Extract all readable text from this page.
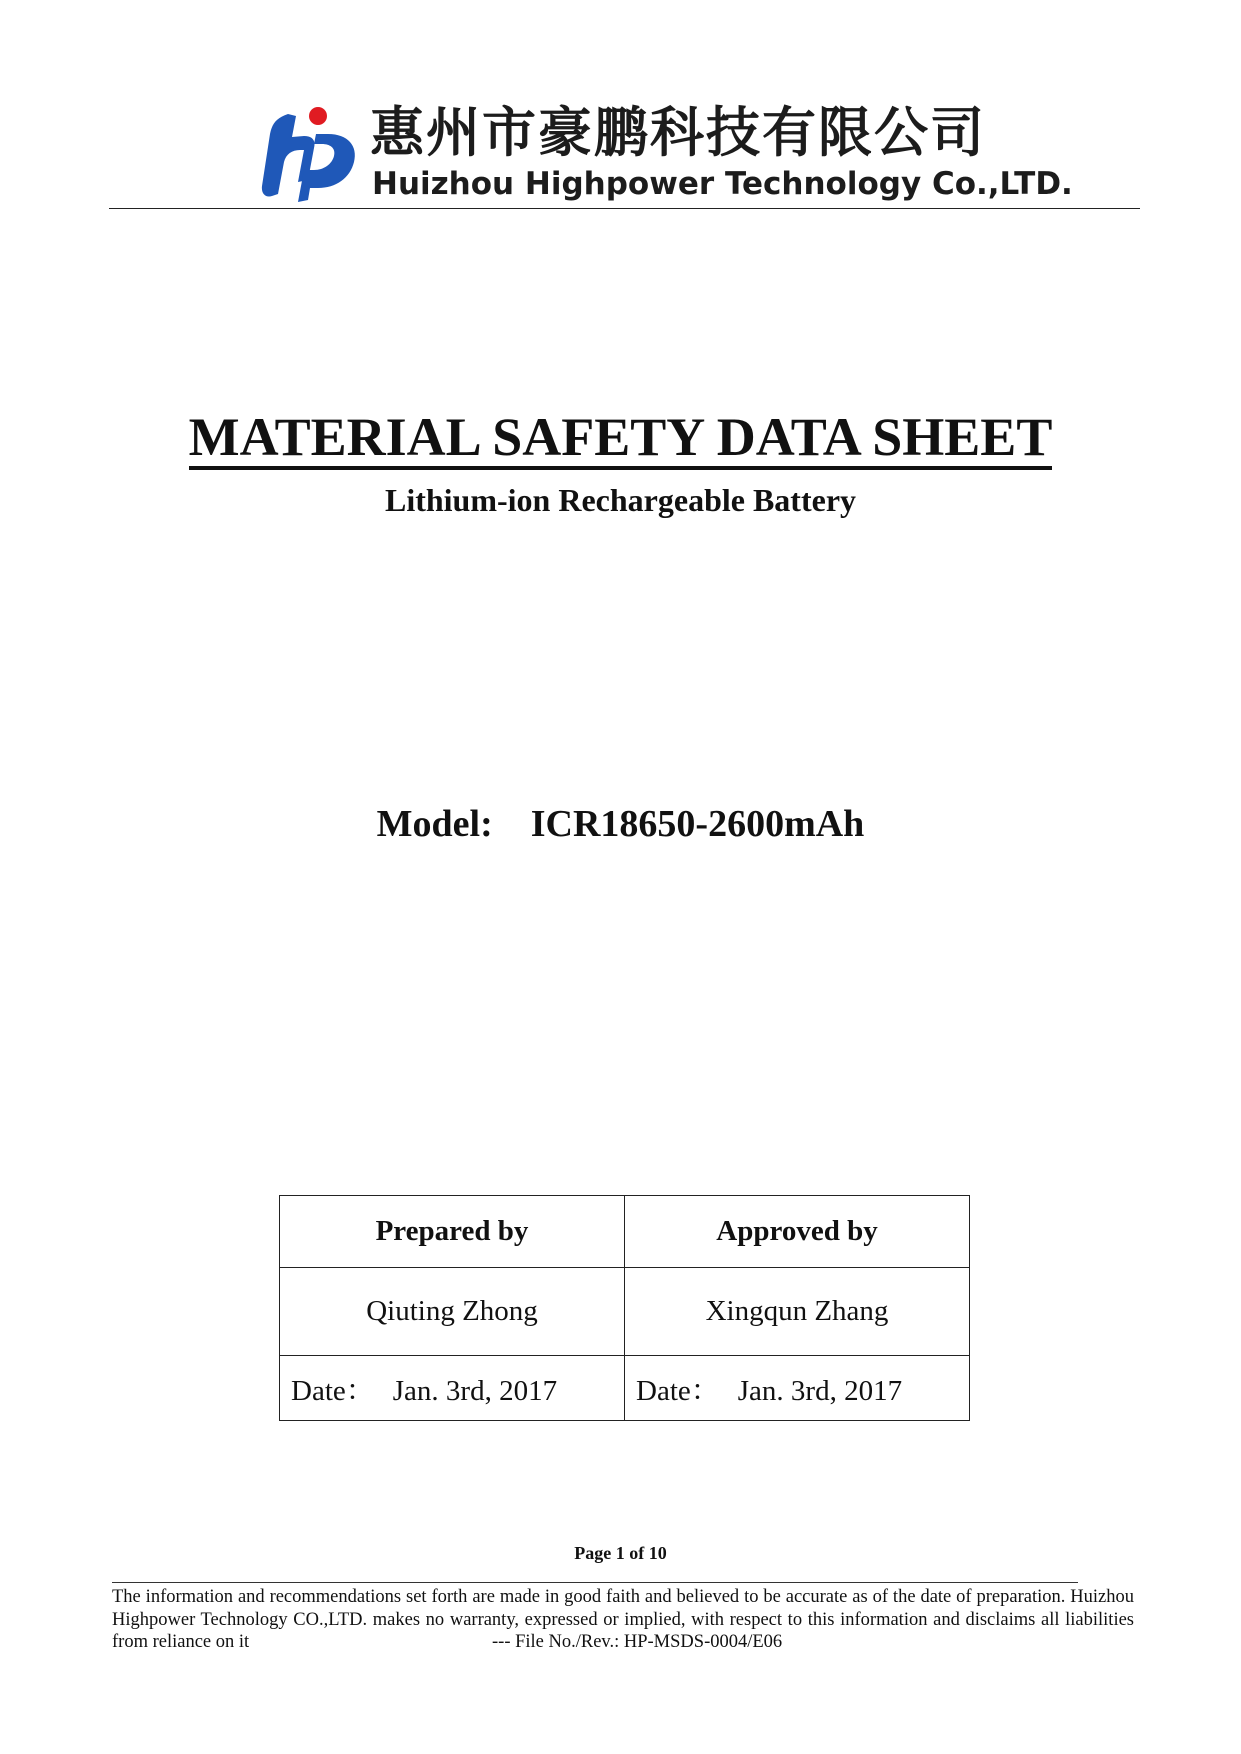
惠州市豪鹏科技有限公司
Huizhou Highpower Technology Co.,LTD.
MATERIAL SAFETY DATA SHEET
Lithium-ion Rechargeable Battery
Model: ICR18650-2600mAh
Prepared by	Approved by
Qiuting Zhong	Xingqun Zhang
Date： Jan. 3rd, 2017	Date： Jan. 3rd, 2017
Page 1 of 10
The information and recommendations set forth are made in good faith and believed to be accurate as of the date of preparation. Huizhou
Highpower Technology CO.,LTD. makes no warranty, expressed or implied, with respect to this information and disclaims all liabilities
from reliance on it	--- File No./Rev.: HP-MSDS-0004/E06
